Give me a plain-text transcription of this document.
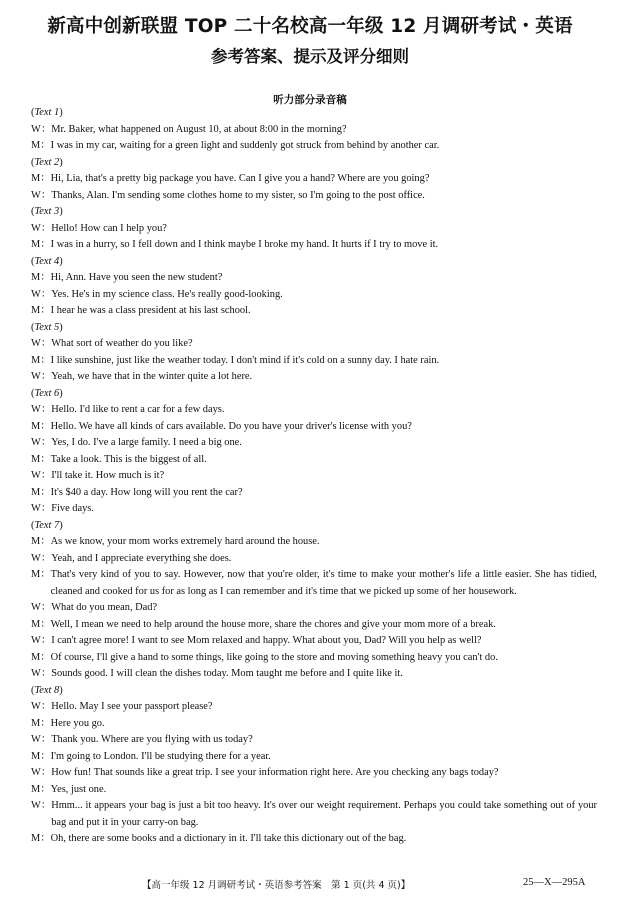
新高中创新联盟 TOP 二十名校高一年级 12 月调研考试・英语
参考答案、提示及评分细则
听力部分录音稿
(Text 1)
W： Mr. Baker, what happened on August 10, at about 8:00 in the morning?
M： I was in my car, waiting for a green light and suddenly got struck from behind by another car.
(Text 2)
M： Hi, Lia, that's a pretty big package you have. Can I give you a hand? Where are you going?
W： Thanks, Alan. I'm sending some clothes home to my sister, so I'm going to the post office.
(Text 3)
W： Hello! How can I help you?
M： I was in a hurry, so I fell down and I think maybe I broke my hand. It hurts if I try to move it.
(Text 4)
M： Hi, Ann. Have you seen the new student?
W： Yes. He's in my science class. He's really good-looking.
M： I hear he was a class president at his last school.
(Text 5)
W： What sort of weather do you like?
M： I like sunshine, just like the weather today. I don't mind if it's cold on a sunny day. I hate rain.
W： Yeah, we have that in the winter quite a lot here.
(Text 6)
W： Hello. I'd like to rent a car for a few days.
M： Hello. We have all kinds of cars available. Do you have your driver's license with you?
W： Yes, I do. I've a large family. I need a big one.
M： Take a look. This is the biggest of all.
W： I'll take it. How much is it?
M： It's $40 a day. How long will you rent the car?
W： Five days.
(Text 7)
M： As we know, your mom works extremely hard around the house.
W： Yeah, and I appreciate everything she does.
M： That's very kind of you to say. However, now that you're older, it's time to make your mother's life a little easier. She has tidied, cleaned and cooked for us for as long as I can remember and it's time that we picked up some of her housework.
W： What do you mean, Dad?
M： Well, I mean we need to help around the house more, share the chores and give your mom more of a break.
W： I can't agree more! I want to see Mom relaxed and happy. What about you, Dad? Will you help as well?
M： Of course, I'll give a hand to some things, like going to the store and moving something heavy you can't do.
W： Sounds good. I will clean the dishes today. Mom taught me before and I quite like it.
(Text 8)
W： Hello. May I see your passport please?
M： Here you go.
W： Thank you. Where are you flying with us today?
M： I'm going to London. I'll be studying there for a year.
W： How fun! That sounds like a great trip. I see your information right here. Are you checking any bags today?
M： Yes, just one.
W： Hmm... it appears your bag is just a bit too heavy. It's over our weight requirement. Perhaps you could take something out of your bag and put it in your carry-on bag.
M： Oh, there are some books and a dictionary in it. I'll take this dictionary out of the bag.
【高一年级 12 月调研考试・英语参考答案　第 1 页(共 4 页)】	25—X—295A
